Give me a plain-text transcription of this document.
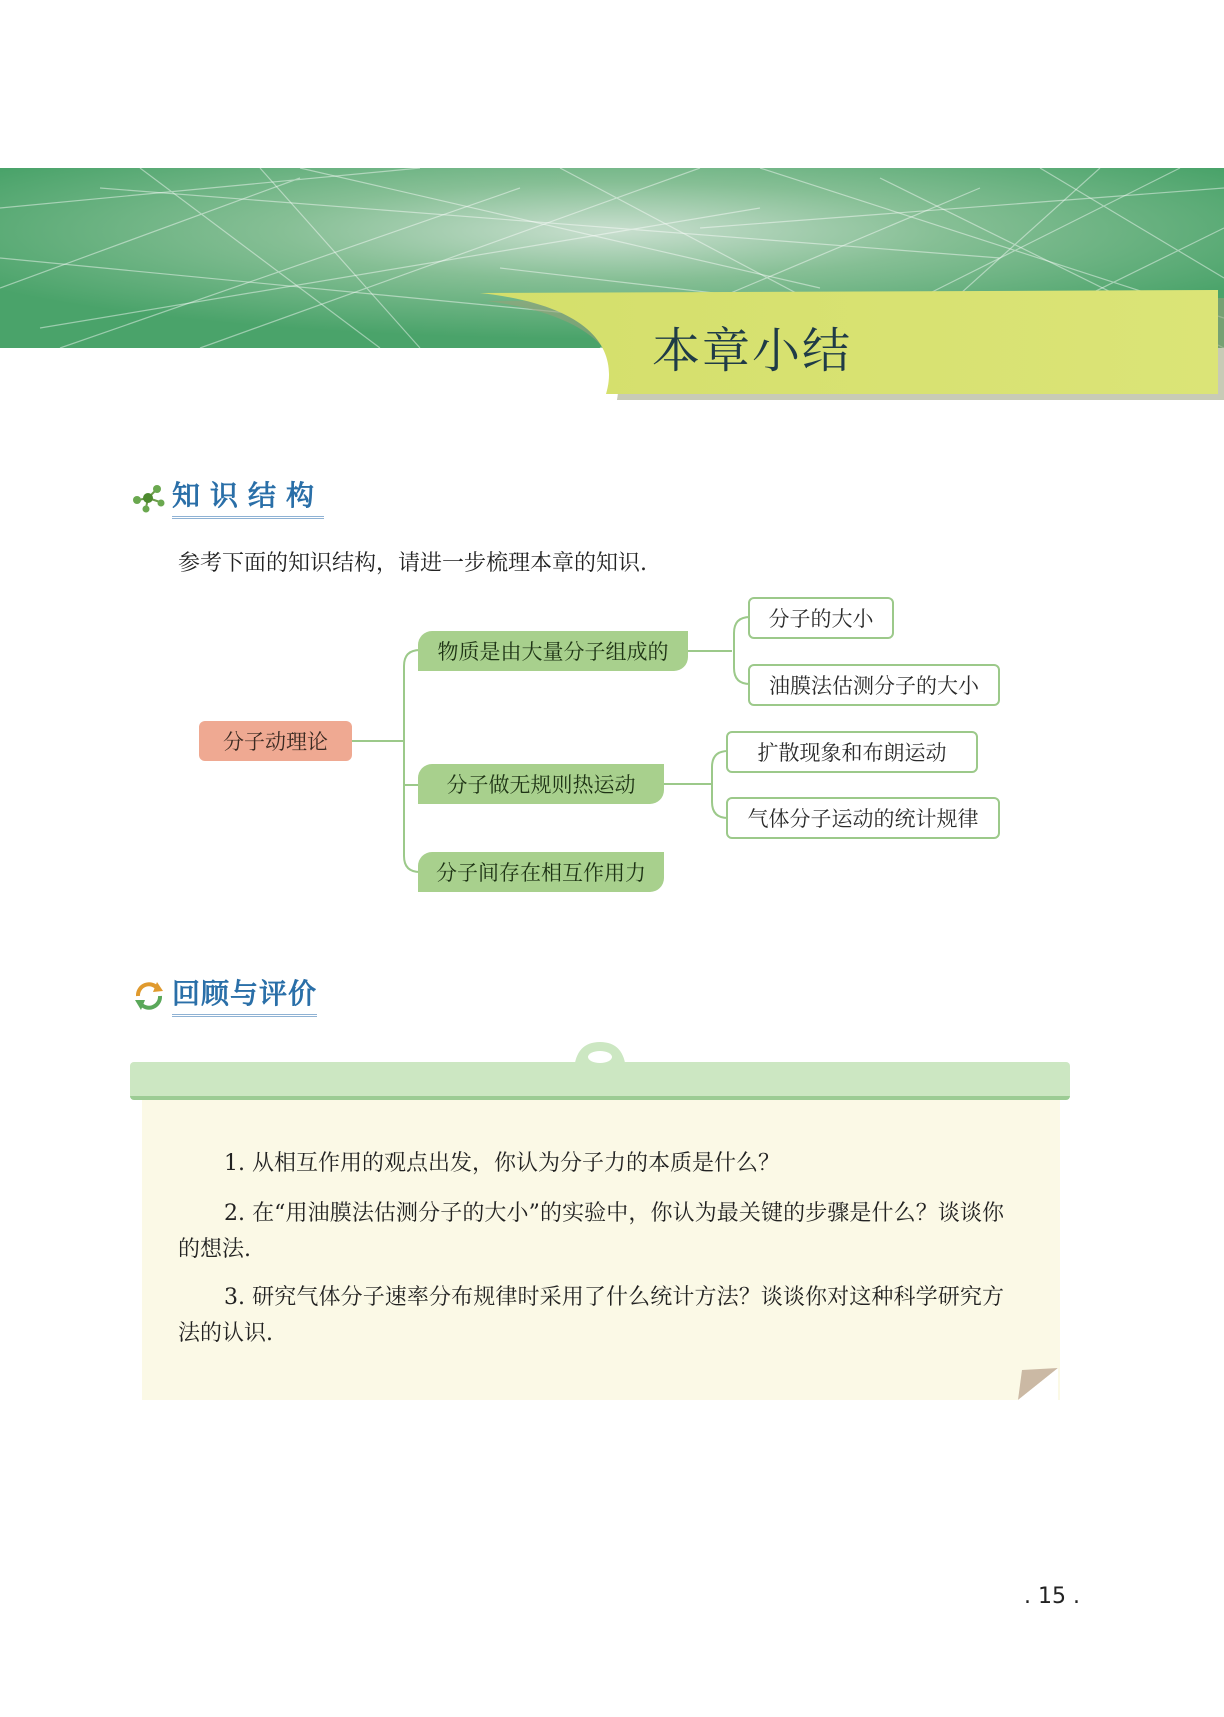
本章小结
知识结构
参考下面的知识结构，请进一步梳理本章的知识.
分子动理论
物质是由大量分子组成的
分子做无规则热运动
分子间存在相互作用力
分子的大小
油膜法估测分子的大小
扩散现象和布朗运动
气体分子运动的统计规律
回顾与评价
1. 从相互作用的观点出发，你认为分子力的本质是什么？
2. 在“用油膜法估测分子的大小”的实验中，你认为最关键的步骤是什么？谈谈你的想法.
3. 研究气体分子速率分布规律时采用了什么统计方法？谈谈你对这种科学研究方法的认识.
. 15 .
